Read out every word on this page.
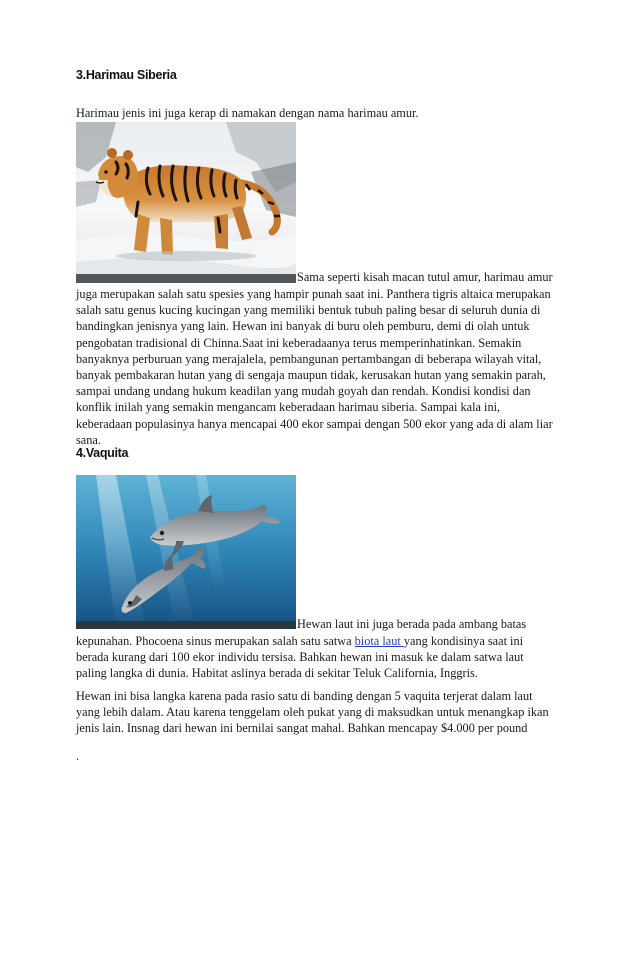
3.Harimau Siberia
Harimau jenis ini juga kerap di namakan dengan nama harimau amur.
Sama seperti kisah macan tutul amur, harimau amur
juga merupakan salah satu spesies yang hampir punah saat ini. Panthera tigris altaica merupakan
salah satu genus kucing kucingan yang memiliki bentuk tubuh paling besar di seluruh dunia di
bandingkan jenisnya yang lain. Hewan ini banyak di buru oleh pemburu, demi di olah untuk
pengobatan tradisional di Chinna.Saat ini keberadaanya terus memperinhatinkan. Semakin
banyaknya perburuan yang merajalela, pembangunan pertambangan di beberapa wilayah vital,
banyak pembakaran hutan yang di sengaja maupun tidak, kerusakan hutan yang semakin parah,
sampai undang undang hukum keadilan yang mudah goyah dan rendah. Kondisi kondisi dan
konflik inilah yang semakin mengancam keberadaan harimau siberia. Sampai kala ini,
keberadaan populasinya hanya mencapai 400 ekor sampai dengan 500 ekor yang ada di alam liar
sana.
4.Vaquita
Hewan laut ini juga berada pada ambang batas
kepunahan. Phocoena sinus merupakan salah satu satwa biota laut yang kondisinya saat ini
berada kurang dari 100 ekor individu tersisa. Bahkan hewan ini masuk ke dalam satwa laut
paling langka di dunia. Habitat aslinya berada di sekitar Teluk California, Inggris.
Hewan ini bisa langka karena pada rasio satu di banding dengan 5 vaquita terjerat dalam laut
yang lebih dalam. Atau karena tenggelam oleh pukat yang di maksudkan untuk menangkap ikan
jenis lain. Insnag dari hewan ini bernilai sangat mahal. Bahkan mencapay $4.000 per pound
.
